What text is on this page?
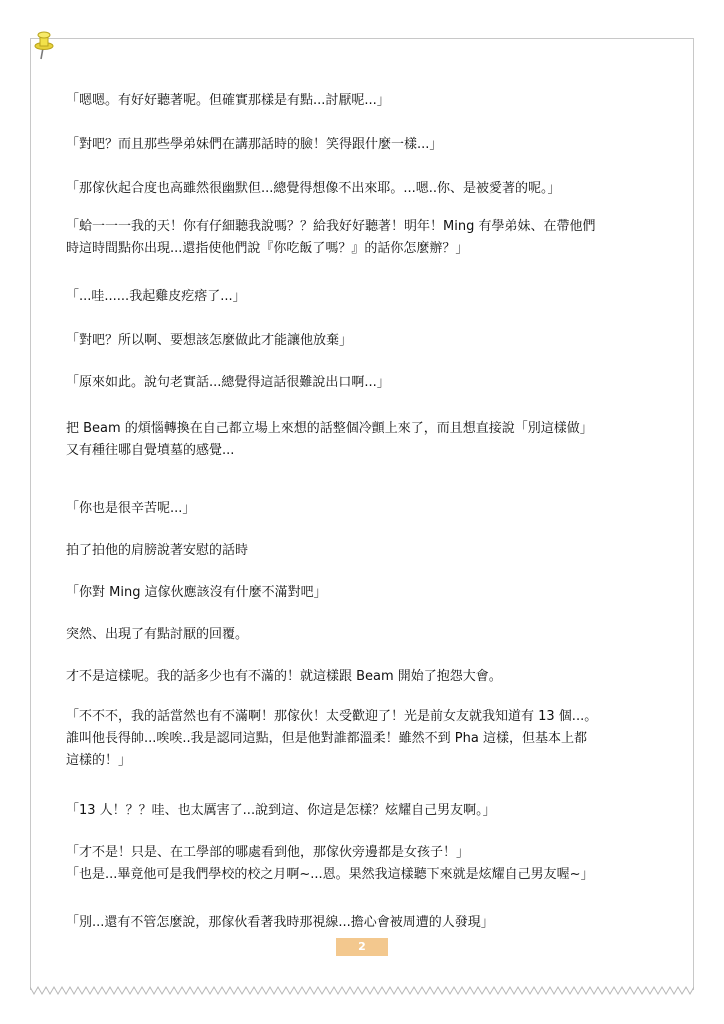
「嗯嗯。有好好聽著呢。但確實那樣是有點...討厭呢...」
「對吧？而且那些學弟妹們在講那話時的臉！笑得跟什麼一樣...」
「那傢伙起合度也高雖然很幽默但...總覺得想像不出來耶。...嗯..你、是被愛著的呢。」
「蛤一一一我的天！你有仔細聽我說嗎？？給我好好聽著！明年！Ming 有學弟妹、在帶他們
時這時間點你出現...還指使他們說『你吃飯了嗎？』的話你怎麼辦？」
「...哇......我起雞皮疙瘩了...」
「對吧？所以啊、要想該怎麼做此才能讓他放棄」
「原來如此。說句老實話...總覺得這話很難說出口啊...」
把 Beam 的煩惱轉換在自己都立場上來想的話整個冷顫上來了，而且想直接說「別這樣做」
又有種往哪自覺墳墓的感覺...
「你也是很辛苦呢...」
拍了拍他的肩膀說著安慰的話時
「你對 Ming 這傢伙應該沒有什麼不滿對吧」
突然、出現了有點討厭的回覆。
才不是這樣呢。我的話多少也有不滿的！就這樣跟 Beam 開始了抱怨大會。
「不不不，我的話當然也有不滿啊！那傢伙！太受歡迎了！光是前女友就我知道有 13 個...。
誰叫他長得帥...唉唉..我是認同這點，但是他對誰都溫柔！雖然不到 Pha 這樣，但基本上都
這樣的！」
「13 人！？？哇、也太厲害了...說到這、你這是怎樣？炫耀自己男友啊。」
「才不是！只是、在工學部的哪處看到他，那傢伙旁邊都是女孩子！」
「也是...畢竟他可是我們學校的校之月啊~...恩。果然我這樣聽下來就是炫耀自己男友喔~」
「別...還有不管怎麼說，那傢伙看著我時那視線...擔心會被周遭的人發現」
2
